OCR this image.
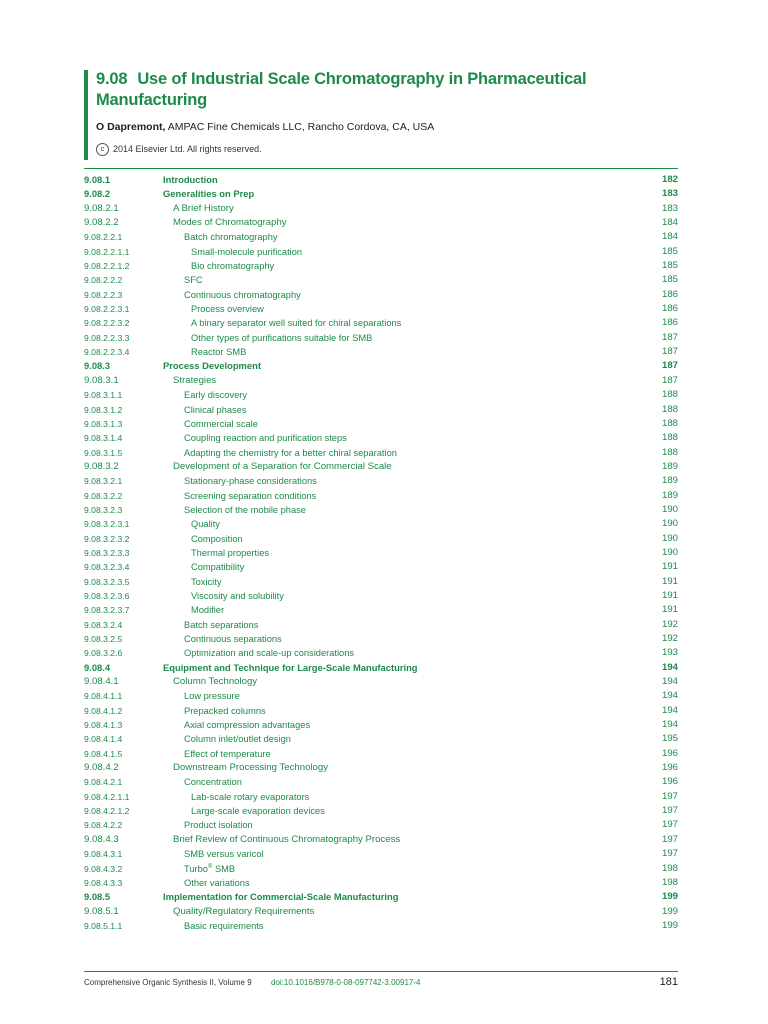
9.08 Use of Industrial Scale Chromatography in Pharmaceutical Manufacturing
O Dapremont, AMPAC Fine Chemicals LLC, Rancho Cordova, CA, USA
c 2014 Elsevier Ltd. All rights reserved.
9.08.1	Introduction	182
9.08.2	Generalities on Prep	183
9.08.2.1	A Brief History	183
9.08.2.2	Modes of Chromatography	184
9.08.2.2.1	Batch chromatography	184
9.08.2.2.1.1	Small-molecule purification	185
9.08.2.2.1.2	Bio chromatography	185
9.08.2.2.2	SFC	185
9.08.2.2.3	Continuous chromatography	186
9.08.2.2.3.1	Process overview	186
9.08.2.2.3.2	A binary separator well suited for chiral separations	186
9.08.2.2.3.3	Other types of purifications suitable for SMB	187
9.08.2.2.3.4	Reactor SMB	187
9.08.3	Process Development	187
9.08.3.1	Strategies	187
9.08.3.1.1	Early discovery	188
9.08.3.1.2	Clinical phases	188
9.08.3.1.3	Commercial scale	188
9.08.3.1.4	Coupling reaction and purification steps	188
9.08.3.1.5	Adapting the chemistry for a better chiral separation	188
9.08.3.2	Development of a Separation for Commercial Scale	189
9.08.3.2.1	Stationary-phase considerations	189
9.08.3.2.2	Screening separation conditions	189
9.08.3.2.3	Selection of the mobile phase	190
9.08.3.2.3.1	Quality	190
9.08.3.2.3.2	Composition	190
9.08.3.2.3.3	Thermal properties	190
9.08.3.2.3.4	Compatibility	191
9.08.3.2.3.5	Toxicity	191
9.08.3.2.3.6	Viscosity and solubility	191
9.08.3.2.3.7	Modifier	191
9.08.3.2.4	Batch separations	192
9.08.3.2.5	Continuous separations	192
9.08.3.2.6	Optimization and scale-up considerations	193
9.08.4	Equipment and Technique for Large-Scale Manufacturing	194
9.08.4.1	Column Technology	194
9.08.4.1.1	Low pressure	194
9.08.4.1.2	Prepacked columns	194
9.08.4.1.3	Axial compression advantages	194
9.08.4.1.4	Column inlet/outlet design	195
9.08.4.1.5	Effect of temperature	196
9.08.4.2	Downstream Processing Technology	196
9.08.4.2.1	Concentration	196
9.08.4.2.1.1	Lab-scale rotary evaporators	197
9.08.4.2.1.2	Large-scale evaporation devices	197
9.08.4.2.2	Product isolation	197
9.08.4.3	Brief Review of Continuous Chromatography Process	197
9.08.4.3.1	SMB versus varicol	197
9.08.4.3.2	Turbo® SMB	198
9.08.4.3.3	Other variations	198
9.08.5	Implementation for Commercial-Scale Manufacturing	199
9.08.5.1	Quality/Regulatory Requirements	199
9.08.5.1.1	Basic requirements	199
Comprehensive Organic Synthesis II, Volume 9 doi:10.1016/B978-0-08-097742-3.00917-4	181
